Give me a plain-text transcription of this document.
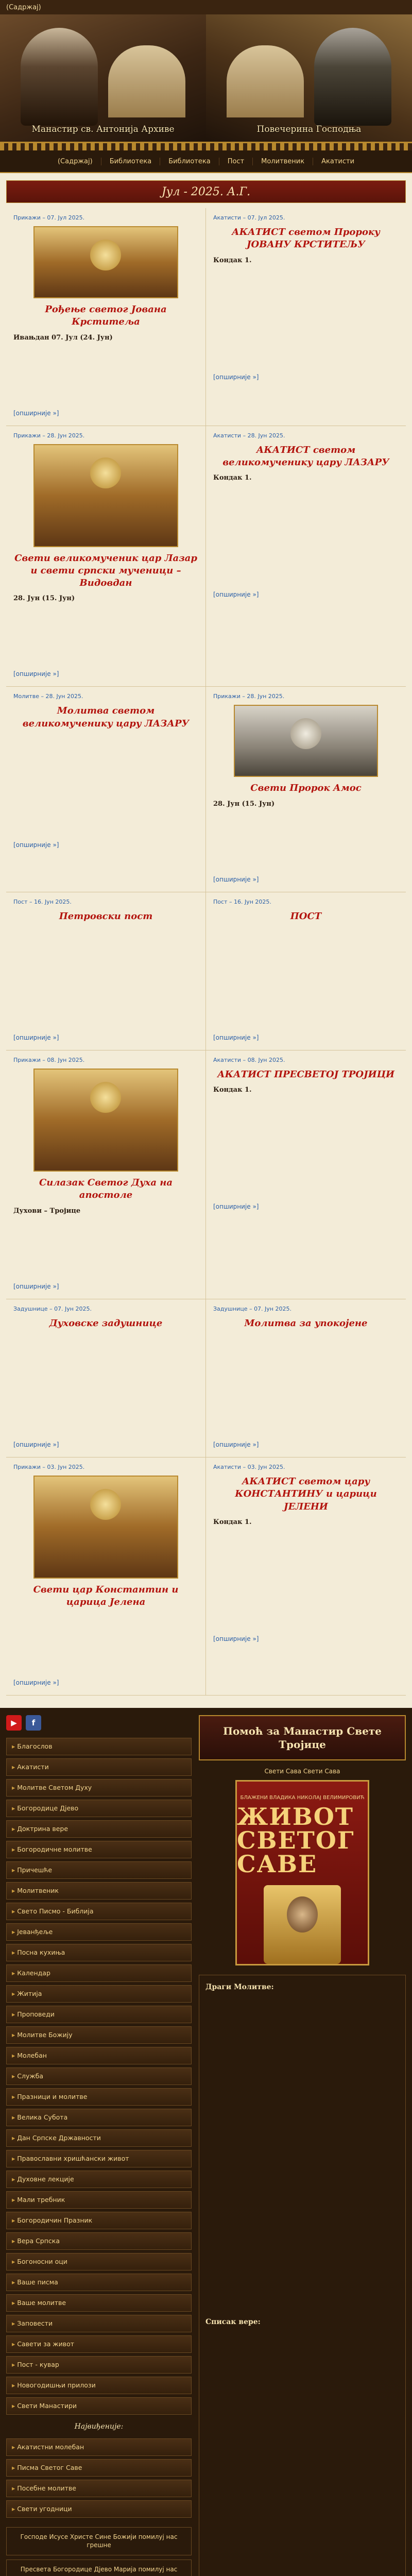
(Садржај)
Манастир св. Антонија Архиве	Повечерина Господња
(Садржај)	Библиотека	Библиотека	Пост	Молитвеник	Акатисти
Јул - 2025. А.Г.
Прикажи – 07. Јул 2025.
Рођење светог Јована Крститеља
Ивањдан 07. Јул (24. Јун)
[опширније »]
Акатисти – 07. Јул 2025.
АКАТИСТ светом Пророку ЈОВАНУ КРСТИТЕЉУ
Кондак 1.
[опширније »]
Прикажи – 28. Јун 2025.
Свети великомученик цар Лазар и свети српски мученици – Видовдан
28. Јун (15. Јун)
[опширније »]
Акатисти – 28. Јун 2025.
АКАТИСТ светом великомученику цару ЛАЗАРУ
Кондак 1.
[опширније »]
Молитве – 28. Јун 2025.
Молитва светом великомученику цару ЛАЗАРУ
[опширније »]
Прикажи – 28. Јун 2025.
Свети Пророк Амос
28. Јун (15. Јун)
[опширније »]
Пост – 16. Јун 2025.
Петровски пост
[опширније »]
Пост – 16. Јун 2025.
ПОСТ
[опширније »]
Прикажи – 08. Јун 2025.
Силазак Светог Духа на апостоле
Духови – Тројице
[опширније »]
Акатисти – 08. Јун 2025.
АКАТИСТ ПРЕСВЕТОЈ ТРОЈИЦИ
Кондак 1.
[опширније »]
Задушнице – 07. Јун 2025.
Духовске задушнице
[опширније »]
Задушнице – 07. Јун 2025.
Молитва за упокојене
[опширније »]
Прикажи – 03. Јун 2025.
Свети цар Константин и царица Јелена
[опширније »]
Акатисти – 03. Јун 2025.
АКАТИСТ светом цару КОНСТАНТИНУ и царици ЈЕЛЕНИ
Кондак 1.
[опширније »]
▶	f
▸ Благослов
▸ Акатисти
▸ Молитве Светом Духу
▸ Богородице Дјево
▸ Доктрина вере
▸ Богородичне молитве
▸ Причешће
▸ Молитвеник
▸ Свето Писмо - Библија
▸ Јеванђеље
▸ Посна кухиња
▸ Календар
▸ Житија
▸ Проповеди
▸ Молитве Божију
▸ Молебан
▸ Служба
▸ Празници и молитве
▸ Велика Субота
▸ Дан Српске Државности
▸ Православни хришћански живот
▸ Духовне лекције
▸ Мали требник
▸ Богородичин Празник
▸ Вера Српска
▸ Богоносни оци
▸ Ваше писма
▸ Ваше молитве
▸ Заповести
▸ Савети за живот
▸ Пост - кувар
▸ Новогодишњи прилози
▸ Свети Манастири
Највиђеније:
▸ Акатистни молебан
▸ Писма Светог Саве
▸ Посебне молитве
▸ Свети угодници
Господе Исусе Христе Сине Божији помилуј нас грешне
Пресвета Богородице Дјево Марија помилуј нас
Помоћ за Манастир Свете Тројице
Свети Сава Свети Сава
БЛАЖЕНИ ВЛАДИКА НИКОЛАЈ ВЕЛИМИРОВИЋ
ЖИВОТ СВЕТОГ САВЕ
Драги Молитве:
Списак вере:
